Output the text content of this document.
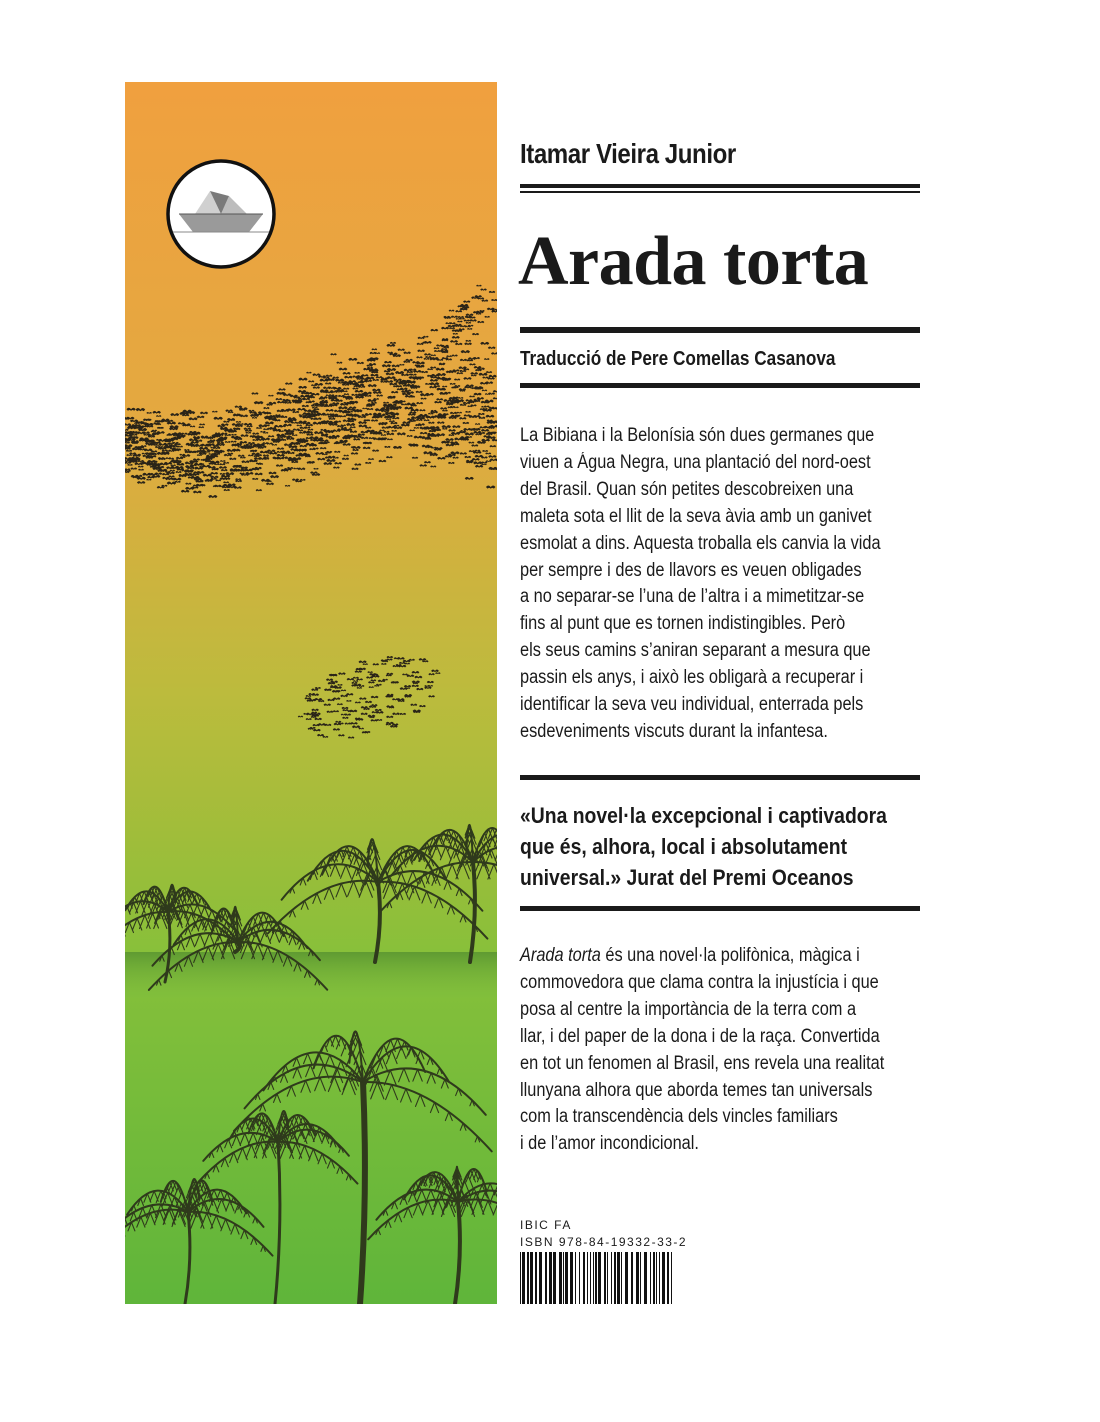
Itamar Vieira Junior
Arada torta

Traducció de Pere Comellas Casanova

La Bibiana i la Belonísia són dues germanes que
viuen a Água Negra, una plantació del nord-oest
del Brasil. Quan són petites descobreixen una
maleta sota el llit de la seva àvia amb un ganivet
esmolat a dins. Aquesta troballa els canvia la vida
per sempre i des de llavors es veuen obligades
a no separar-se l’una de l’altra i a mimetitzar-se
fins al punt que es tornen indistingibles. Però
els seus camins s’aniran separant a mesura que
passin els anys, i això les obligarà a recuperar i
identificar la seva veu individual, enterrada pels
esdeveniments viscuts durant la infantesa.
«Una novel·la excepcional i captivadora
que és, alhora, local i absolutament
universal.» Jurat del Premi Oceanos
Arada torta és una novel·la polifònica, màgica i
commovedora que clama contra la injustícia i que
posa al centre la importància de la terra com a
llar, i del paper de la dona i de la raça. Convertida
en tot un fenomen al Brasil, ens revela una realitat
llunyana alhora que aborda temes tan universals
com la transcendència dels vincles familiars
i de l’amor incondicional.
IBIC FA
ISBN 978-84-19332-33-2
